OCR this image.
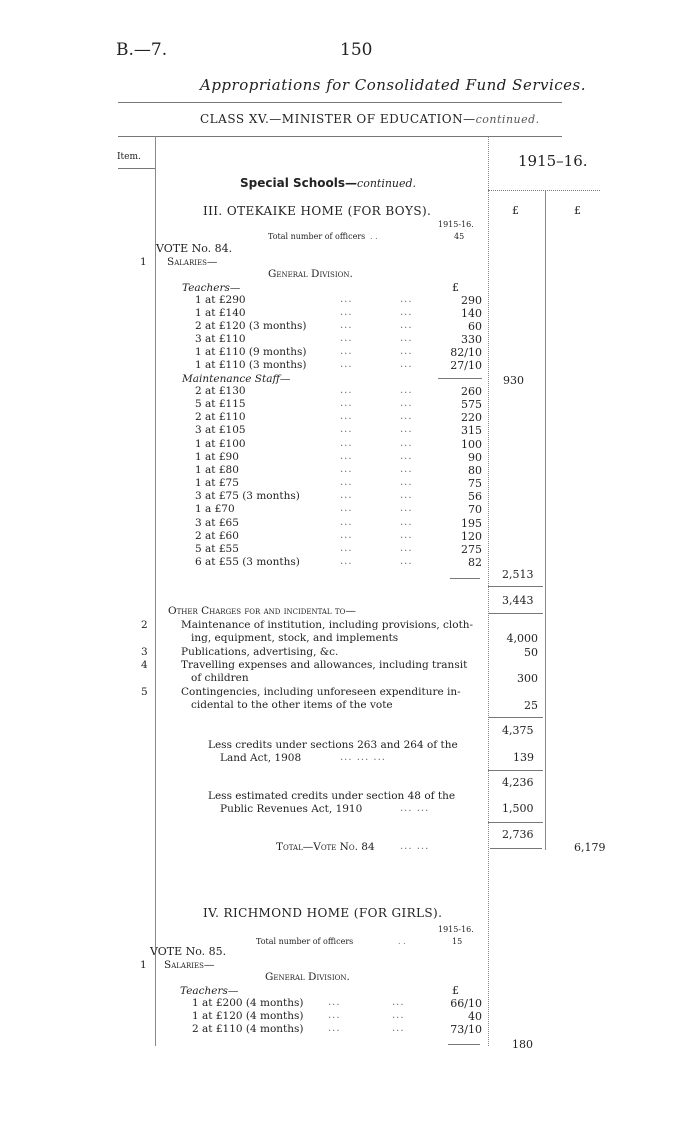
B.—7.	150
Appropriations for Consolidated Fund Services.
CLASS XV.—MINISTER OF EDUCATION—continued.
Item.	1915–16.
Special Schools—continued.
III. OTEKAIKE HOME (FOR BOYS).	£	£
1915-16.
Total number of officers . .	45
VOTE No. 84.
1 Salaries—
General Division.
£
Teachers—
1 at £290	...	...	290
1 at £140	...	...	140
2 at £120 (3 months)	...	...	60
3 at £110	...	...	330
1 at £110 (9 months)	...	...	82/10
1 at £110 (3 months)	...	...	27/10
930
Maintenance Staff—
2 at £130	...	...	260
5 at £115	...	...	575
2 at £110	...	...	220
3 at £105	...	...	315
1 at £100	...	...	100
1 at £90	...	...	90
1 at £80	...	...	80
1 at £75	...	...	75
3 at £75 (3 months)	...	...	56
1 a £70	...	...	70
3 at £65	...	...	195
2 at £60	...	...	120
5 at £55	...	...	275
6 at £55 (3 months)	...	...	82
2,513
3,443
Other Charges for and incidental to—
2	Maintenance of institution, including provisions, cloth-
ing, equipment, stock, and implements	4,000
3	Publications, advertising, &c.	50
4	Travelling expenses and allowances, including transit
of children	300
5	Contingencies, including unforeseen expenditure in-
cidental to the other items of the vote	25
4,375
Less credits under sections 263 and 264 of the
Land Act, 1908	... ... ...	139
4,236
Less estimated credits under section 48 of the
Public Revenues Act, 1910	... ...	1,500
2,736
Total—Vote No. 84	... ...	6,179
IV. RICHMOND HOME (FOR GIRLS).
1915-16.
Total number of officers	. .	15
VOTE No. 85.
1 Salaries—
General Division.
£
Teachers—
1 at £200 (4 months) ...	...	66/10
1 at £120 (4 months) ...	...	40
2 at £110 (4 months) ...	...	73/10
180
